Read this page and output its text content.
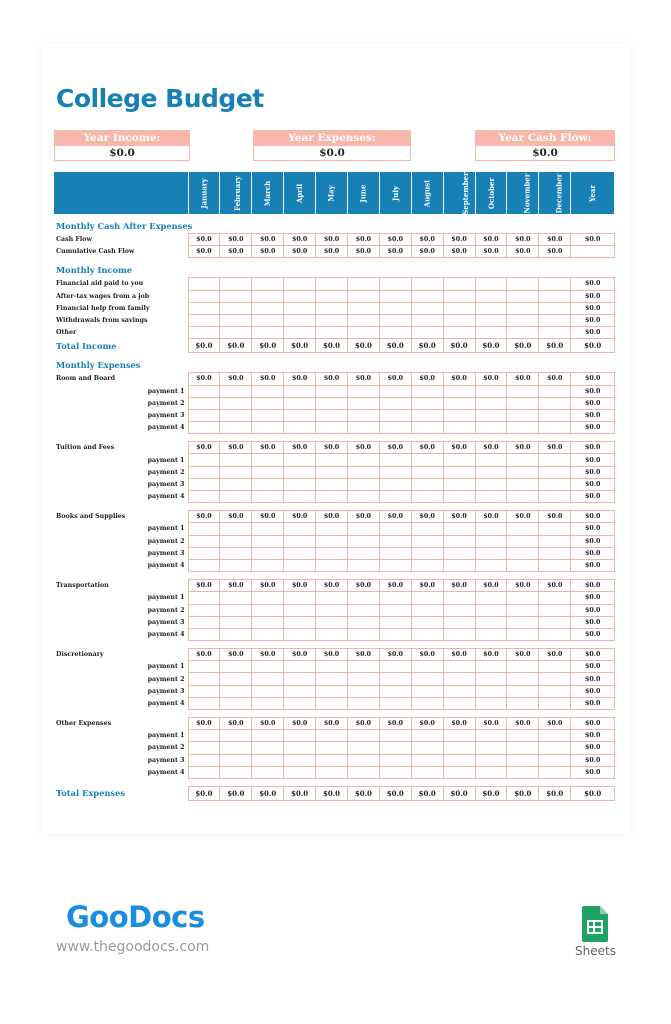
College Budget
Year Income:
$0.0
Year Expenses:
$0.0
Year Cash Flow:
$0.0
	January	February	March	April	May	June	July	August	September	October	November	December	Year
Monthly Cash After Expenses													
Cash Flow	$0.0	$0.0	$0.0	$0.0	$0.0	$0.0	$0.0	$0.0	$0.0	$0.0	$0.0	$0.0	$0.0
Cumulative Cash Flow	$0.0	$0.0	$0.0	$0.0	$0.0	$0.0	$0.0	$0.0	$0.0	$0.0	$0.0	$0.0	
Monthly Income													
Financial aid paid to you													$0.0
After-tax wages from a job													$0.0
Financial help from family													$0.0
Withdrawals from savings													$0.0
Other													$0.0
Total Income	$0.0	$0.0	$0.0	$0.0	$0.0	$0.0	$0.0	$0.0	$0.0	$0.0	$0.0	$0.0	$0.0
Monthly Expenses													
Room and Board	$0.0	$0.0	$0.0	$0.0	$0.0	$0.0	$0.0	$0.0	$0.0	$0.0	$0.0	$0.0	$0.0
payment 1													$0.0
payment 2													$0.0
payment 3													$0.0
payment 4													$0.0

Tuition and Fees	$0.0	$0.0	$0.0	$0.0	$0.0	$0.0	$0.0	$0.0	$0.0	$0.0	$0.0	$0.0	$0.0
payment 1													$0.0
payment 2													$0.0
payment 3													$0.0
payment 4													$0.0

Books and Supplies	$0.0	$0.0	$0.0	$0.0	$0.0	$0.0	$0.0	$0.0	$0.0	$0.0	$0.0	$0.0	$0.0
payment 1													$0.0
payment 2													$0.0
payment 3													$0.0
payment 4													$0.0

Transportation	$0.0	$0.0	$0.0	$0.0	$0.0	$0.0	$0.0	$0.0	$0.0	$0.0	$0.0	$0.0	$0.0
payment 1													$0.0
payment 2													$0.0
payment 3													$0.0
payment 4													$0.0

Discretionary	$0.0	$0.0	$0.0	$0.0	$0.0	$0.0	$0.0	$0.0	$0.0	$0.0	$0.0	$0.0	$0.0
payment 1													$0.0
payment 2													$0.0
payment 3													$0.0
payment 4													$0.0

Other Expenses	$0.0	$0.0	$0.0	$0.0	$0.0	$0.0	$0.0	$0.0	$0.0	$0.0	$0.0	$0.0	$0.0
payment 1													$0.0
payment 2													$0.0
payment 3													$0.0
payment 4													$0.0

Total Expenses	$0.0	$0.0	$0.0	$0.0	$0.0	$0.0	$0.0	$0.0	$0.0	$0.0	$0.0	$0.0	$0.0
GooDocs
www.thegoodocs.com	Sheets
